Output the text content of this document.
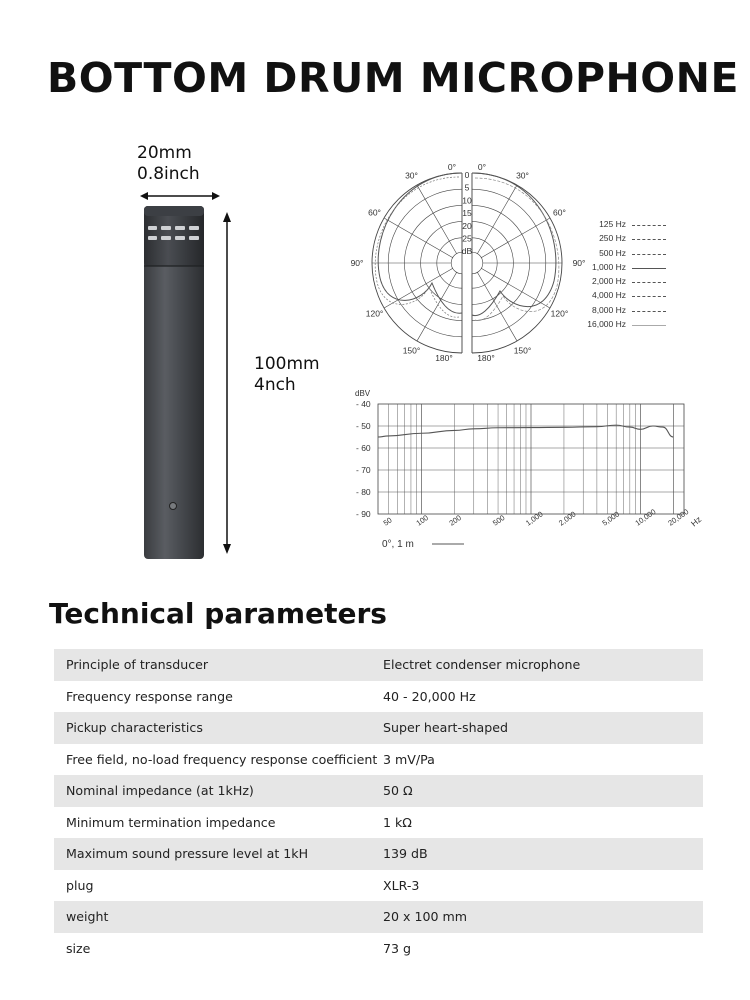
BOTTOM DRUM MICROPHONE
20mm
0.8inch
100mm
4nch
0
5
10
15
20
25
dB
0°	0°
30°	30°
60°	60°
90°	90°
120°	120°
150°	150°
180°	180°
125 Hz
250 Hz
500 Hz
1,000 Hz
2,000 Hz
4,000 Hz
8,000 Hz
16,000 Hz
dBV
- 40
- 50
- 60
- 70
- 80
- 90
50	100 200	500 1,000 2,000	5,000 10,000 20,000
Hz
0°, 1 m
Technical parameters
Principle of transducer	Electret condenser microphone
Frequency response range	40 - 20,000 Hz
Pickup characteristics	Super heart-shaped
Free field, no-load frequency response coefficient	3 mV/Pa
Nominal impedance (at 1kHz)	50 Ω
Minimum termination impedance	1 kΩ
Maximum sound pressure level at 1kH	139 dB
plug	XLR-3
weight	20 x 100 mm
size	73 g
